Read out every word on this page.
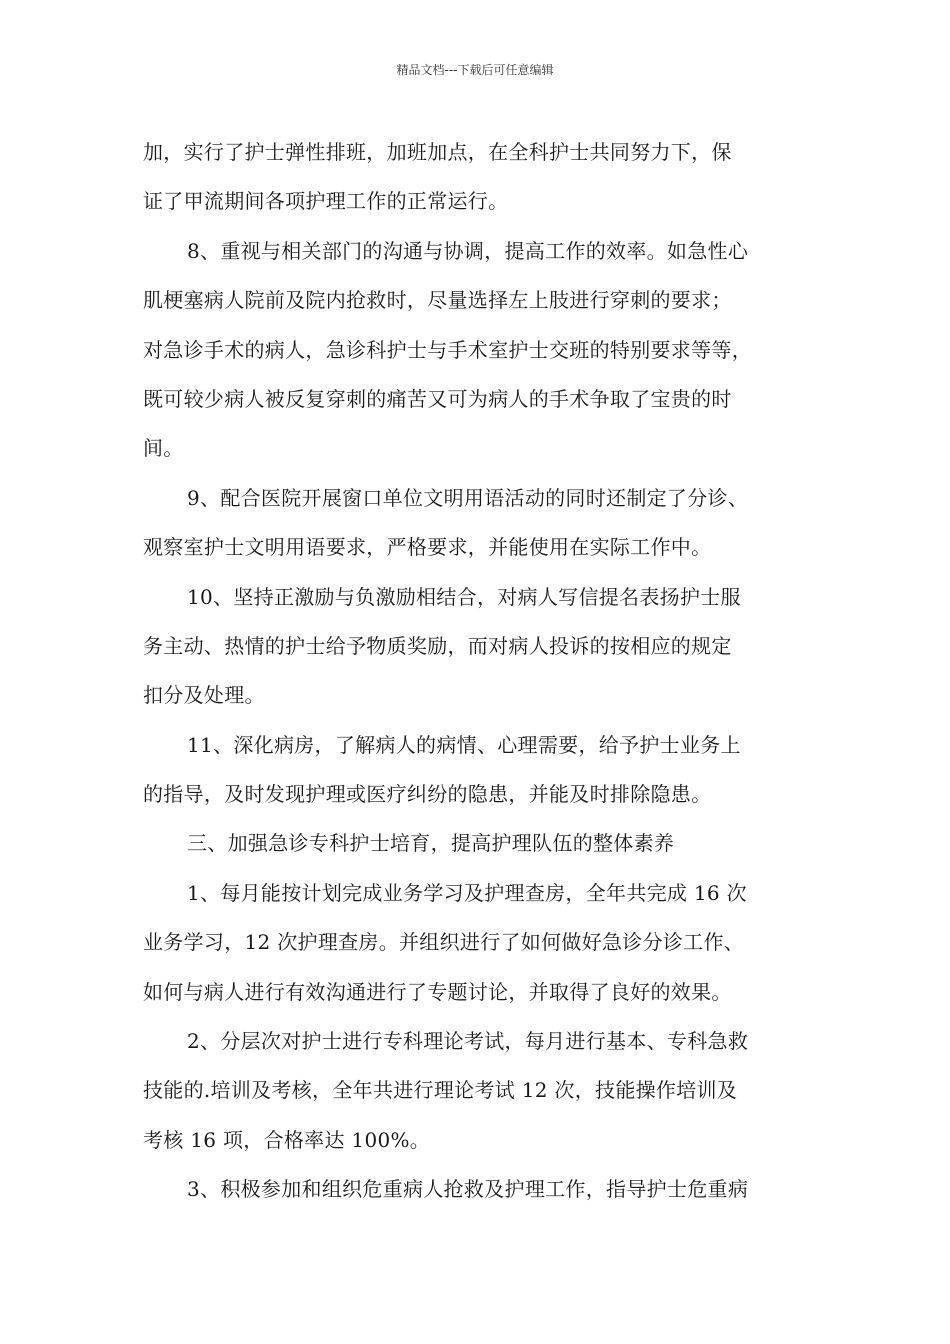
精品文档---下载后可任意编辑
加，实行了护士弹性排班，加班加点，在全科护士共同努力下，保
证了甲流期间各项护理工作的正常运行。
8、重视与相关部门的沟通与协调，提高工作的效率。如急性心
肌梗塞病人院前及院内抢救时，尽量选择左上肢进行穿刺的要求；
对急诊手术的病人，急诊科护士与手术室护士交班的特别要求等等，
既可较少病人被反复穿刺的痛苦又可为病人的手术争取了宝贵的时
间。
9、配合医院开展窗口单位文明用语活动的同时还制定了分诊、
观察室护士文明用语要求，严格要求，并能使用在实际工作中。
10、坚持正激励与负激励相结合，对病人写信提名表扬护士服
务主动、热情的护士给予物质奖励，而对病人投诉的按相应的规定
扣分及处理。
11、深化病房，了解病人的病情、心理需要，给予护士业务上
的指导，及时发现护理或医疗纠纷的隐患，并能及时排除隐患。
三、加强急诊专科护士培育，提高护理队伍的整体素养
1、每月能按计划完成业务学习及护理查房，全年共完成 16 次
业务学习，12 次护理查房。并组织进行了如何做好急诊分诊工作、
如何与病人进行有效沟通进行了专题讨论，并取得了良好的效果。
2、分层次对护士进行专科理论考试，每月进行基本、专科急救
技能的.培训及考核，全年共进行理论考试 12 次，技能操作培训及
考核 16 项，合格率达 100%。
3、积极参加和组织危重病人抢救及护理工作，指导护士危重病
